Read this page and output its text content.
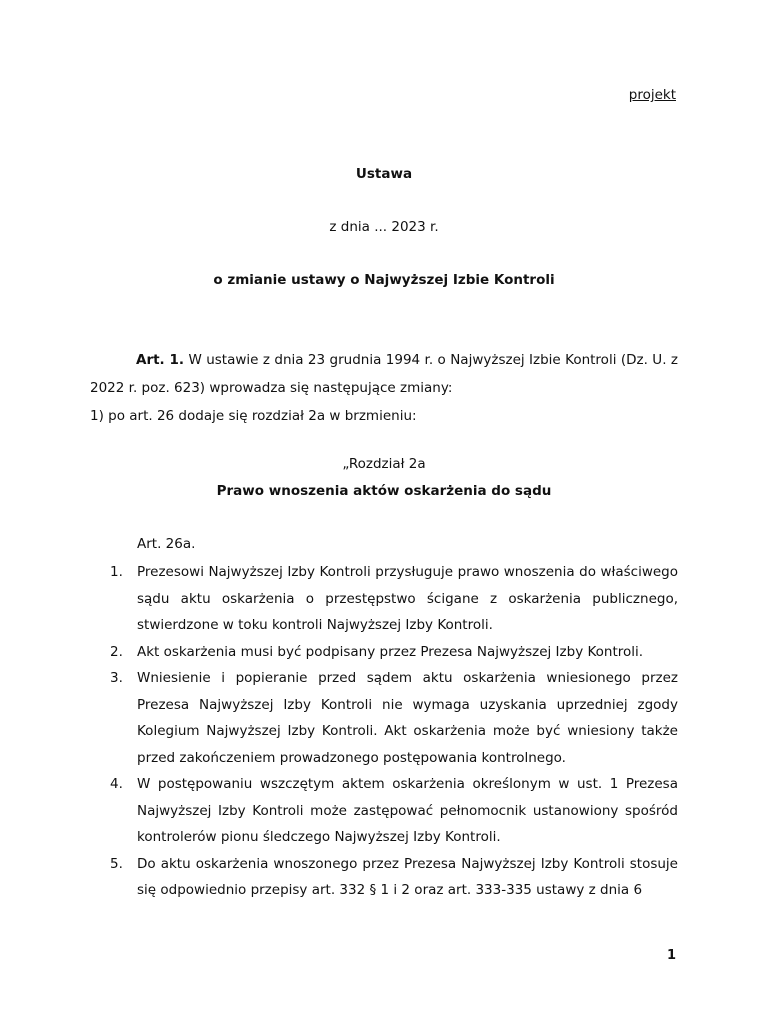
projekt
Ustawa
z dnia ... 2023 r.
o zmianie ustawy o Najwyższej Izbie Kontroli
Art. 1. W ustawie z dnia 23 grudnia 1994 r. o Najwyższej Izbie Kontroli (Dz. U. z 2022 r. poz. 623) wprowadza się następujące zmiany:
1) po art. 26 dodaje się rozdział 2a w brzmieniu:
„Rozdział 2a
Prawo wnoszenia aktów oskarżenia do sądu
Art. 26a.
1. Prezesowi Najwyższej Izby Kontroli przysługuje prawo wnoszenia do właściwego sądu aktu oskarżenia o przestępstwo ścigane z oskarżenia publicznego, stwierdzone w toku kontroli Najwyższej Izby Kontroli.
2. Akt oskarżenia musi być podpisany przez Prezesa Najwyższej Izby Kontroli.
3. Wniesienie i popieranie przed sądem aktu oskarżenia wniesionego przez Prezesa Najwyższej Izby Kontroli nie wymaga uzyskania uprzedniej zgody Kolegium Najwyższej Izby Kontroli. Akt oskarżenia może być wniesiony także przed zakończeniem prowadzonego postępowania kontrolnego.
4. W postępowaniu wszczętym aktem oskarżenia określonym w ust. 1 Prezesa Najwyższej Izby Kontroli może zastępować pełnomocnik ustanowiony spośród kontrolerów pionu śledczego Najwyższej Izby Kontroli.
5. Do aktu oskarżenia wnoszonego przez Prezesa Najwyższej Izby Kontroli stosuje się odpowiednio przepisy art. 332 § 1 i 2 oraz art. 333-335 ustawy z dnia 6
1
